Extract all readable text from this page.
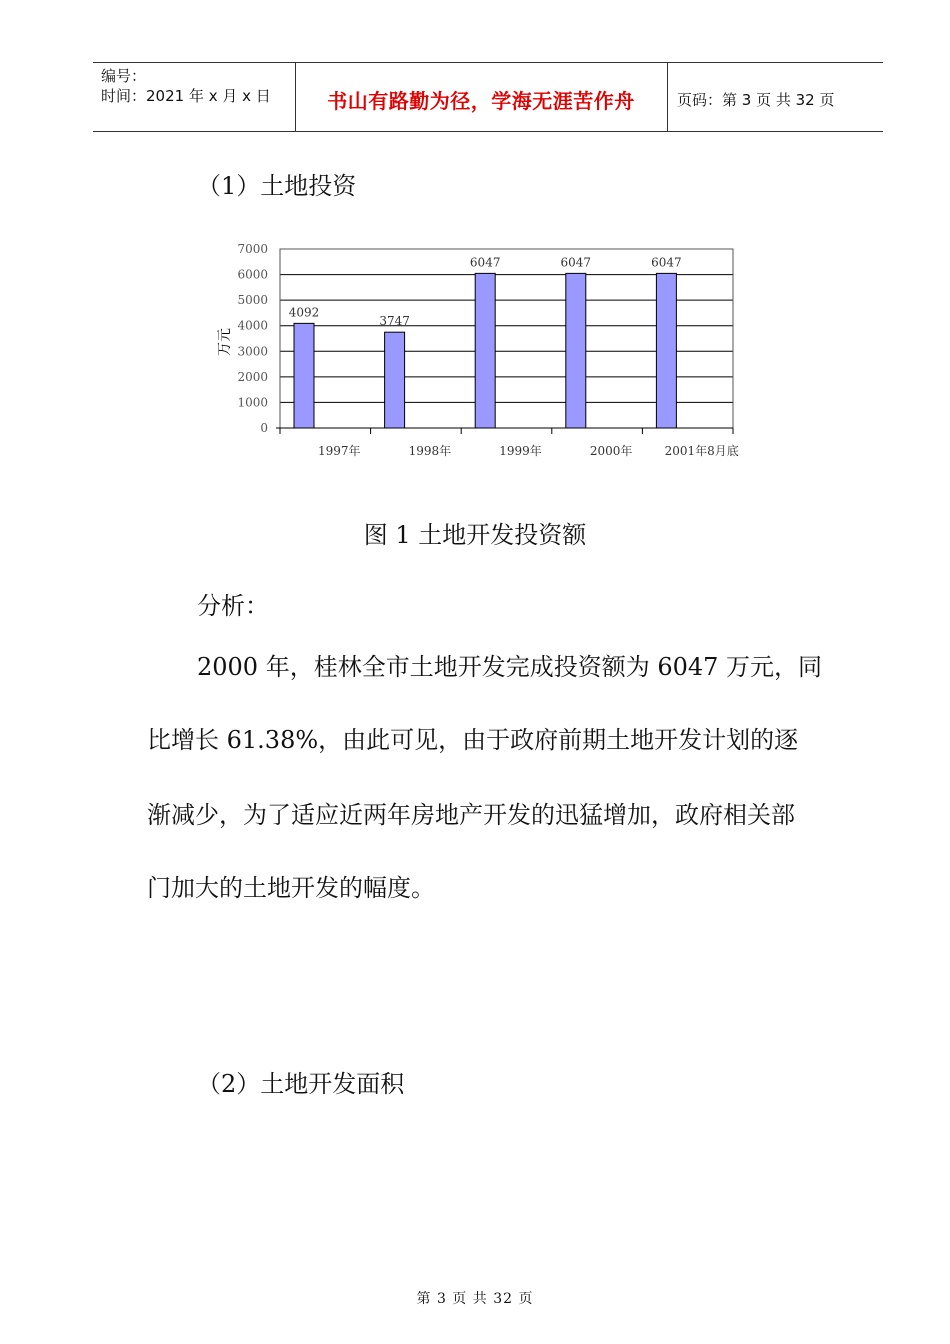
编号：
时间：2021 年 x 月 x 日	书山有路勤为径，学海无涯苦作舟	页码：第 3 页 共 32 页
（1）土地投资
0
1000
2000
3000
4000
5000
6000
7000
4092
3747
6047	6047	6047
1997年	1998年	1999年	2000年	2001年8月底
万元
图 1 土地开发投资额
分析：
2000 年，桂林全市土地开发完成投资额为 6047 万元，同
比增长 61.38%，由此可见，由于政府前期土地开发计划的逐
渐减少，为了适应近两年房地产开发的迅猛增加，政府相关部
门加大的土地开发的幅度。
（2）土地开发面积
第 3 页 共 32 页
